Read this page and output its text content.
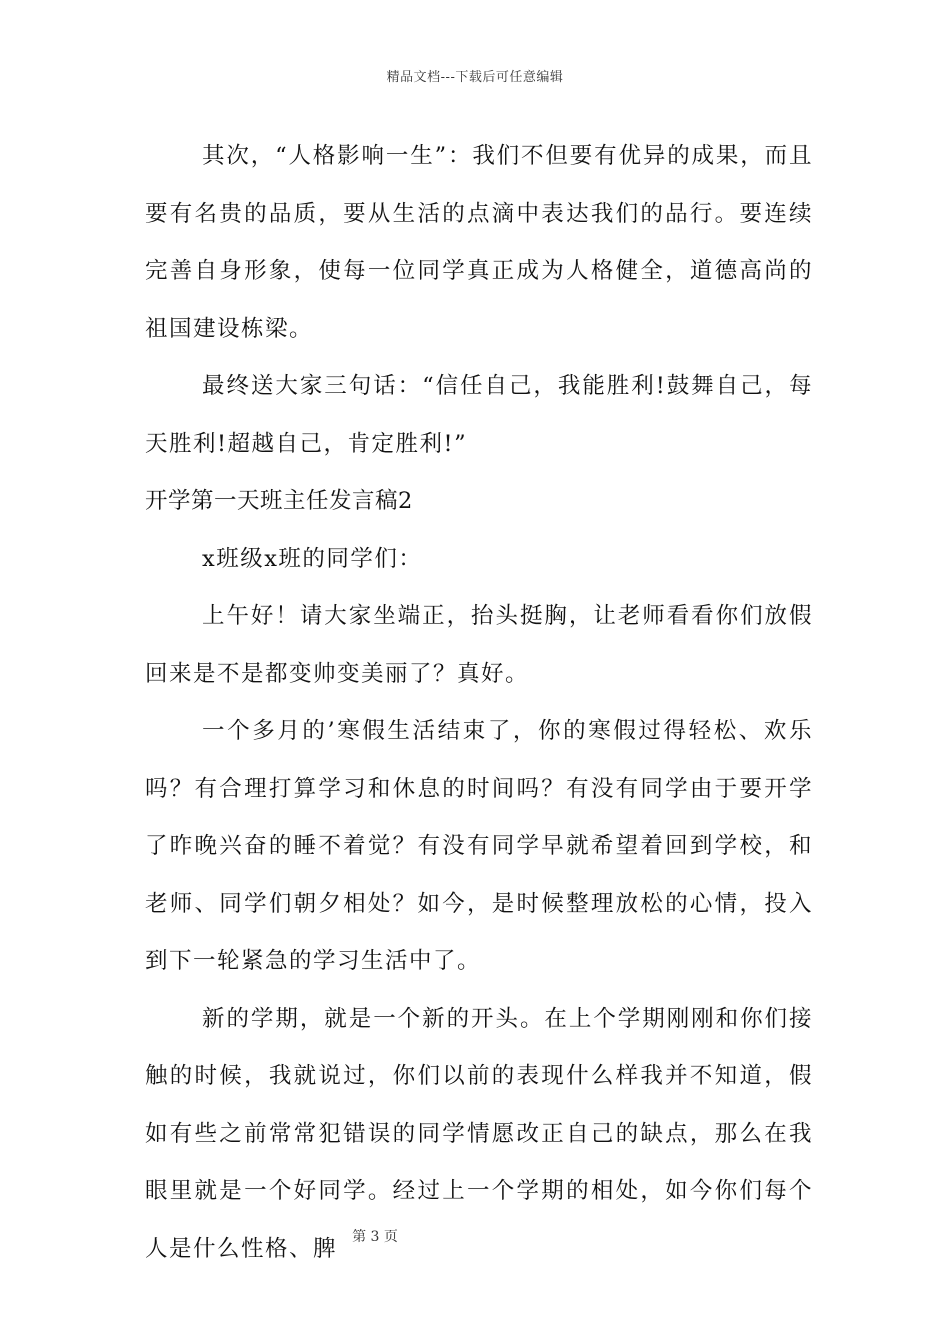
精品文档---下载后可任意编辑

其次，“人格影响一生”：我们不但要有优异的成果，而且要有名贵的品质，要从生活的点滴中表达我们的品行。要连续完善自身形象，使每一位同学真正成为人格健全，道德高尚的祖国建设栋梁。

最终送大家三句话：“信任自己，我能胜利!鼓舞自己，每天胜利!超越自己，肯定胜利!”

开学第一天班主任发言稿2

x班级x班的同学们：

上午好！请大家坐端正，抬头挺胸，让老师看看你们放假回来是不是都变帅变美丽了？真好。

一个多月的’寒假生活结束了，你的寒假过得轻松、欢乐吗？有合理打算学习和休息的时间吗？有没有同学由于要开学了昨晚兴奋的睡不着觉？有没有同学早就希望着回到学校，和老师、同学们朝夕相处？如今，是时候整理放松的心情，投入到下一轮紧急的学习生活中了。

新的学期，就是一个新的开头。在上个学期刚刚和你们接触的时候，我就说过，你们以前的表现什么样我并不知道，假如有些之前常常犯错误的同学情愿改正自己的缺点，那么在我眼里就是一个好同学。经过上一个学期的相处，如今你们每个人是什么性格、脾	第 3 页
